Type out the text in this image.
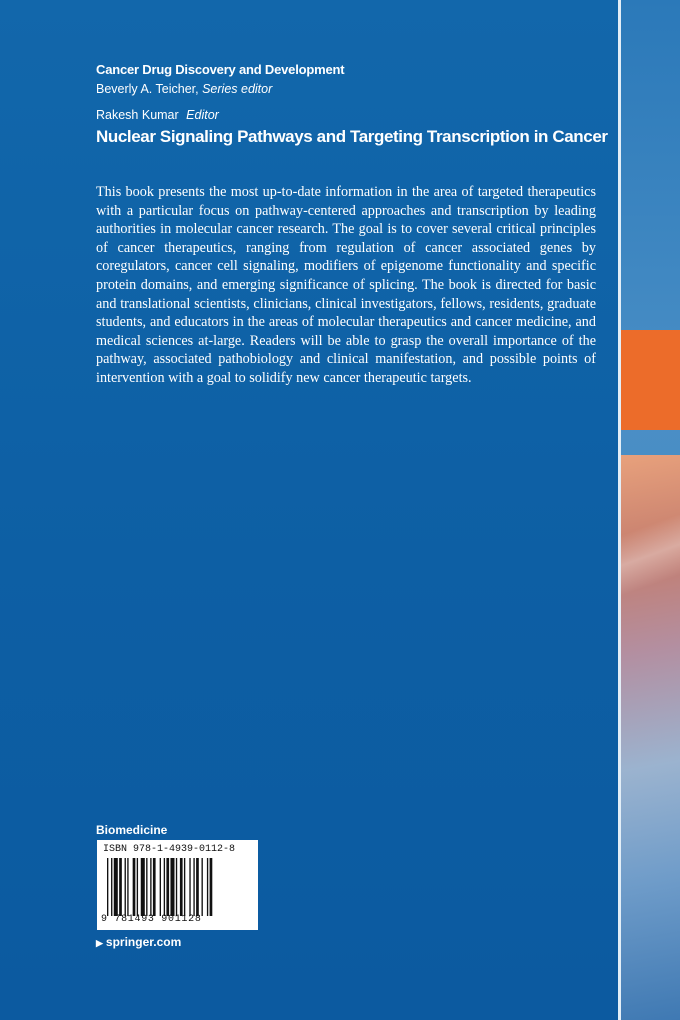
Cancer Drug Discovery and Development
Beverly A. Teicher, Series editor
Rakesh Kumar Editor
Nuclear Signaling Pathways and Targeting Transcription in Cancer
This book presents the most up-to-date information in the area of targeted therapeutics with a particular focus on pathway-centered approaches and transcription by leading authorities in molecular cancer research. The goal is to cover several critical principles of cancer therapeutics, ranging from regulation of cancer associated genes by coregulators, cancer cell signaling, modifiers of epigenome functionality and specific protein domains, and emerging significance of splicing. The book is directed for basic and translational scientists, clinicians, clinical investigators, fellows, residents, graduate students, and educators in the areas of molecular therapeutics and cancer medicine, and medical sciences at-large. Readers will be able to grasp the overall importance of the pathway, associated pathobiology and clinical manifestation, and possible points of intervention with a goal to solidify new cancer therapeutic targets.
Biomedicine
ISBN 978-1-4939-0112-8
9 781493 901128
▶ springer.com
